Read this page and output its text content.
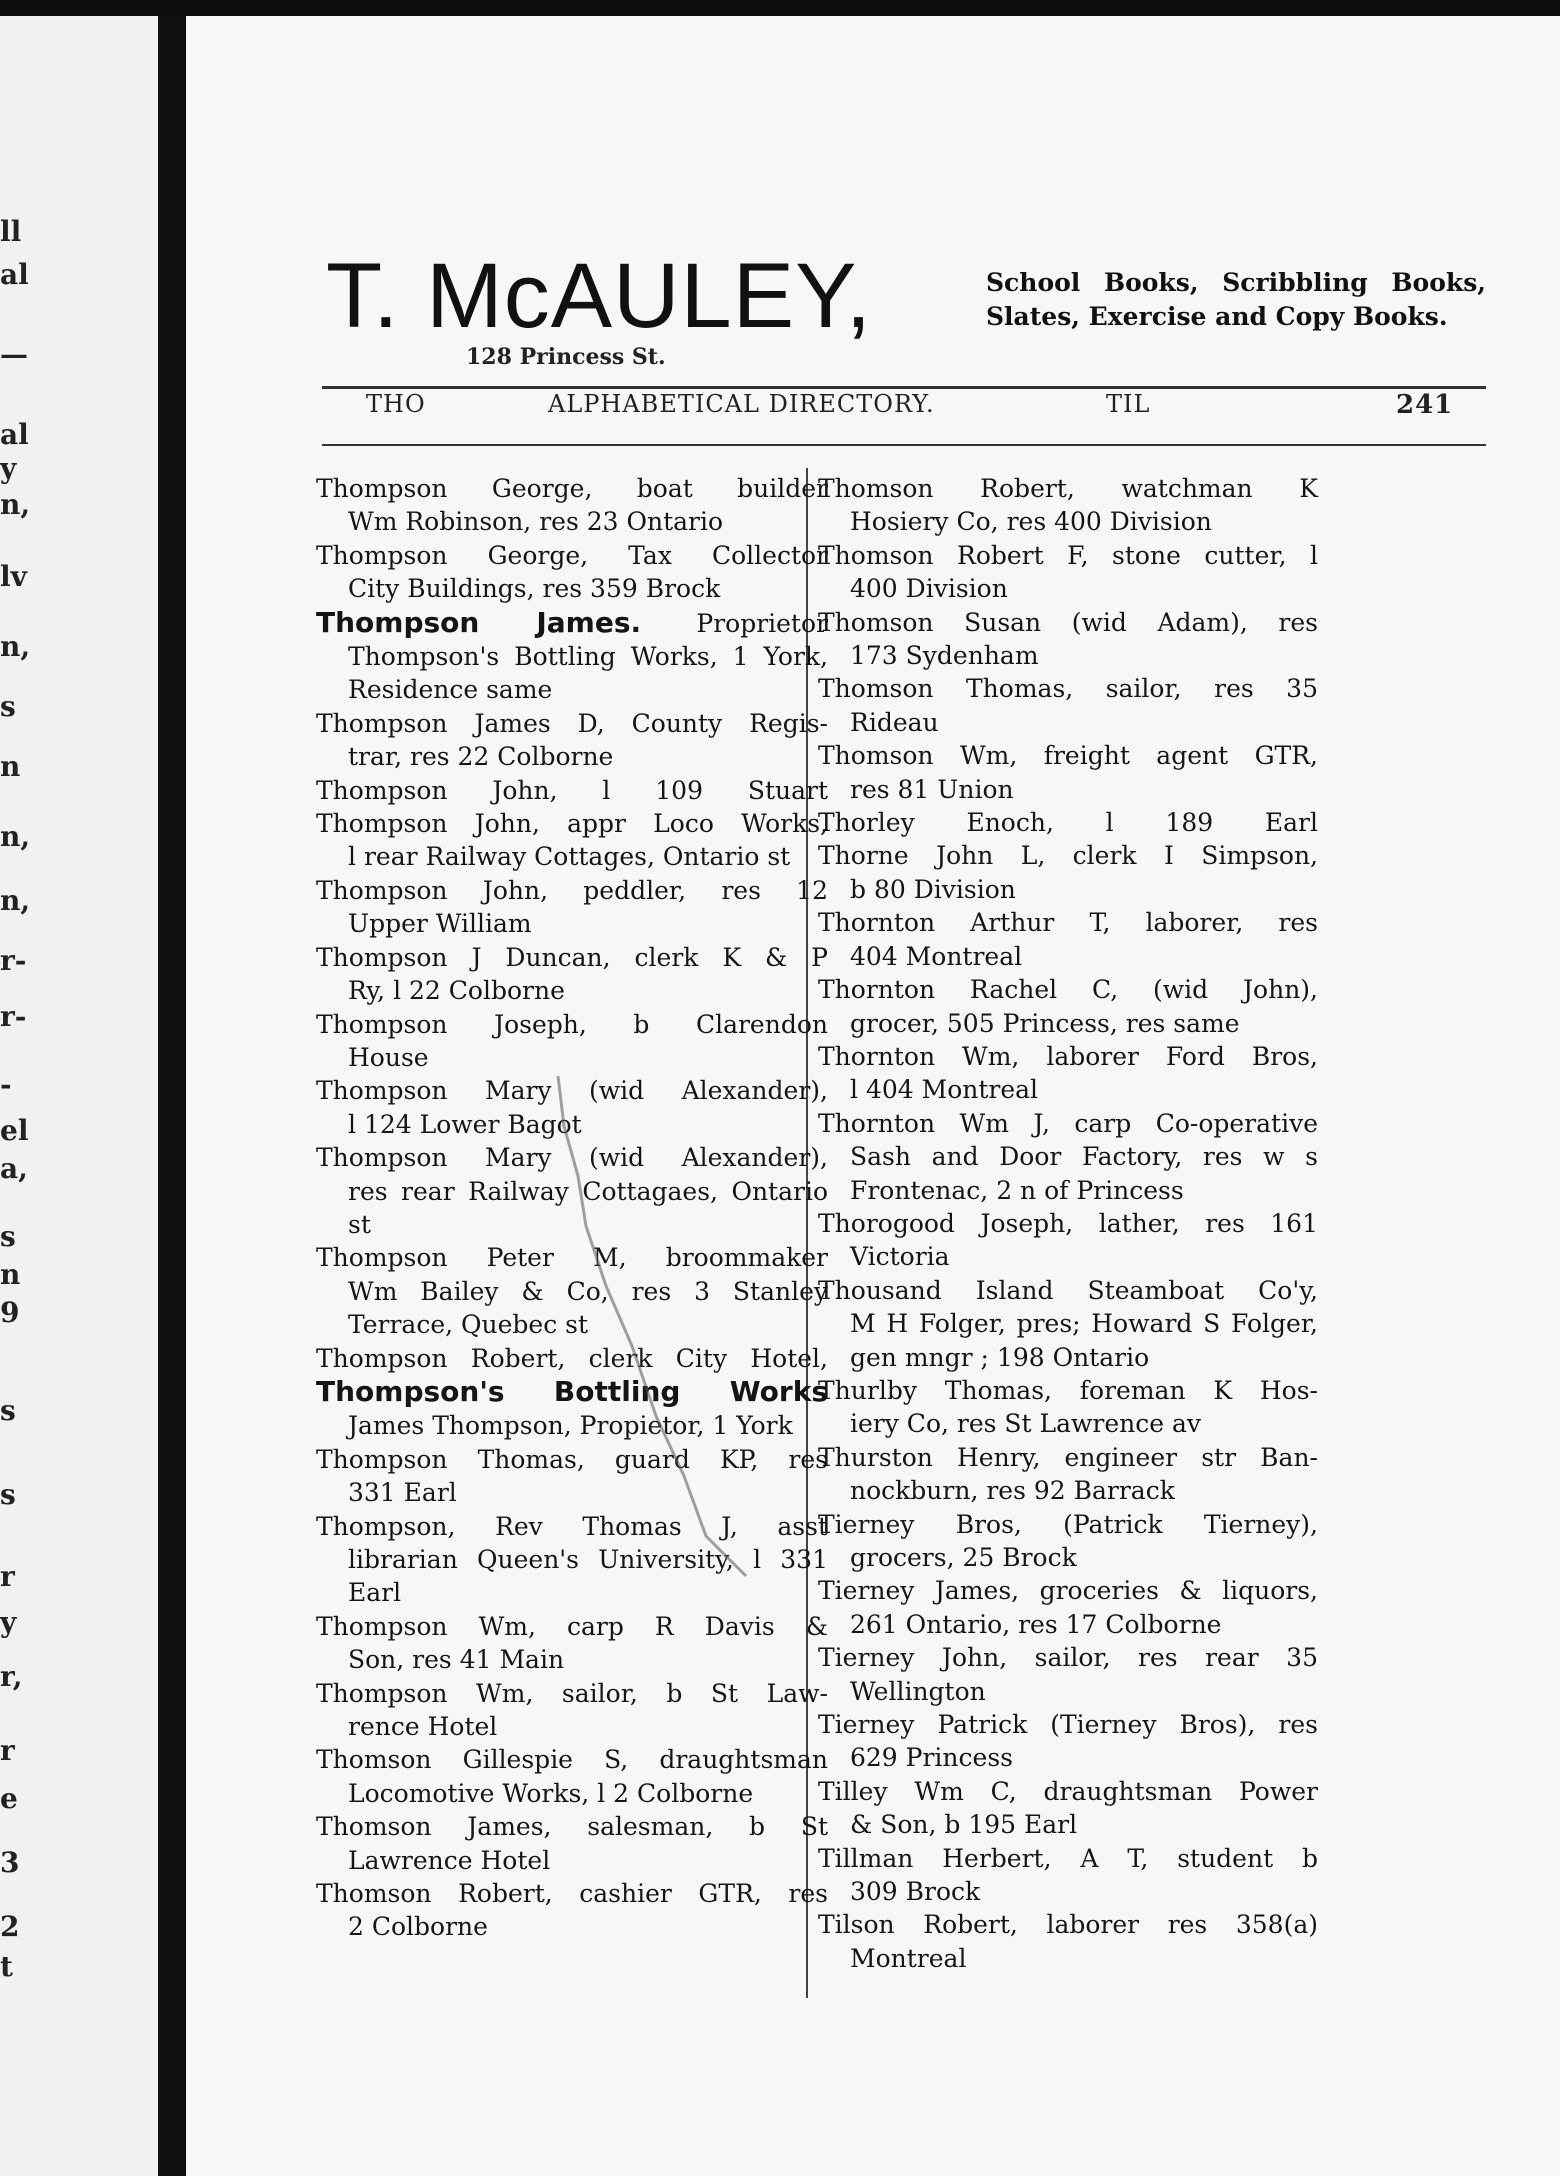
ll
al
—
al
y
n,
lv
n,
s
n
n,
n,
r-
r-
-
el
a,
s
n
9
s
s
r
y
r,
r
e
3
2
t
T. McAULEY,
128 Princess St.
School Books, Scribbling Books, Slates, Exercise and Copy Books.
THO	ALPHABETICAL DIRECTORY.	TIL	241
Thompson George, boat builder
Wm Robinson, res 23 Ontario
Thompson George, Tax Collector
City Buildings, res 359 Brock
Thompson James. Proprietor
Thompson's Bottling Works, 1 York, Residence same
Thompson James D, County Regis-
trar, res 22 Colborne
Thompson John, l 109 Stuart
Thompson John, appr Loco Works,
l rear Railway Cottages, Ontario st
Thompson John, peddler, res 12
Upper William
Thompson J Duncan, clerk K & P
Ry, l 22 Colborne
Thompson Joseph, b Clarendon
House
Thompson Mary (wid Alexander),
l 124 Lower Bagot
Thompson Mary (wid Alexander),
res rear Railway Cottagaes, Ontario st
Thompson Peter M, broommaker
Wm Bailey & Co, res 3 Stanley Terrace, Quebec st
Thompson Robert, clerk City Hotel,
Thompson's Bottling Works
James Thompson, Propietor, 1 York
Thompson Thomas, guard KP, res
331 Earl
Thompson, Rev Thomas J, asst
librarian Queen's University, l 331 Earl
Thompson Wm, carp R Davis &
Son, res 41 Main
Thompson Wm, sailor, b St Law-
rence Hotel
Thomson Gillespie S, draughtsman
Locomotive Works, l 2 Colborne
Thomson James, salesman, b St
Lawrence Hotel
Thomson Robert, cashier GTR, res
2 Colborne
Thomson Robert, watchman K
Hosiery Co, res 400 Division
Thomson Robert F, stone cutter, l
400 Division
Thomson Susan (wid Adam), res
173 Sydenham
Thomson Thomas, sailor, res 35
Rideau
Thomson Wm, freight agent GTR,
res 81 Union
Thorley Enoch, l 189 Earl
Thorne John L, clerk I Simpson,
b 80 Division
Thornton Arthur T, laborer, res
404 Montreal
Thornton Rachel C, (wid John),
grocer, 505 Princess, res same
Thornton Wm, laborer Ford Bros,
l 404 Montreal
Thornton Wm J, carp Co-operative
Sash and Door Factory, res w s Frontenac, 2 n of Princess
Thorogood Joseph, lather, res 161
Victoria
Thousand Island Steamboat Co'y,
M H Folger, pres; Howard S Folger, gen mngr ; 198 Ontario
Thurlby Thomas, foreman K Hos-
iery Co, res St Lawrence av
Thurston Henry, engineer str Ban-
nockburn, res 92 Barrack
Tierney Bros, (Patrick Tierney),
grocers, 25 Brock
Tierney James, groceries & liquors,
261 Ontario, res 17 Colborne
Tierney John, sailor, res rear 35
Wellington
Tierney Patrick (Tierney Bros), res
629 Princess
Tilley Wm C, draughtsman Power
& Son, b 195 Earl
Tillman Herbert, A T, student b
309 Brock
Tilson Robert, laborer res 358(a)
Montreal
